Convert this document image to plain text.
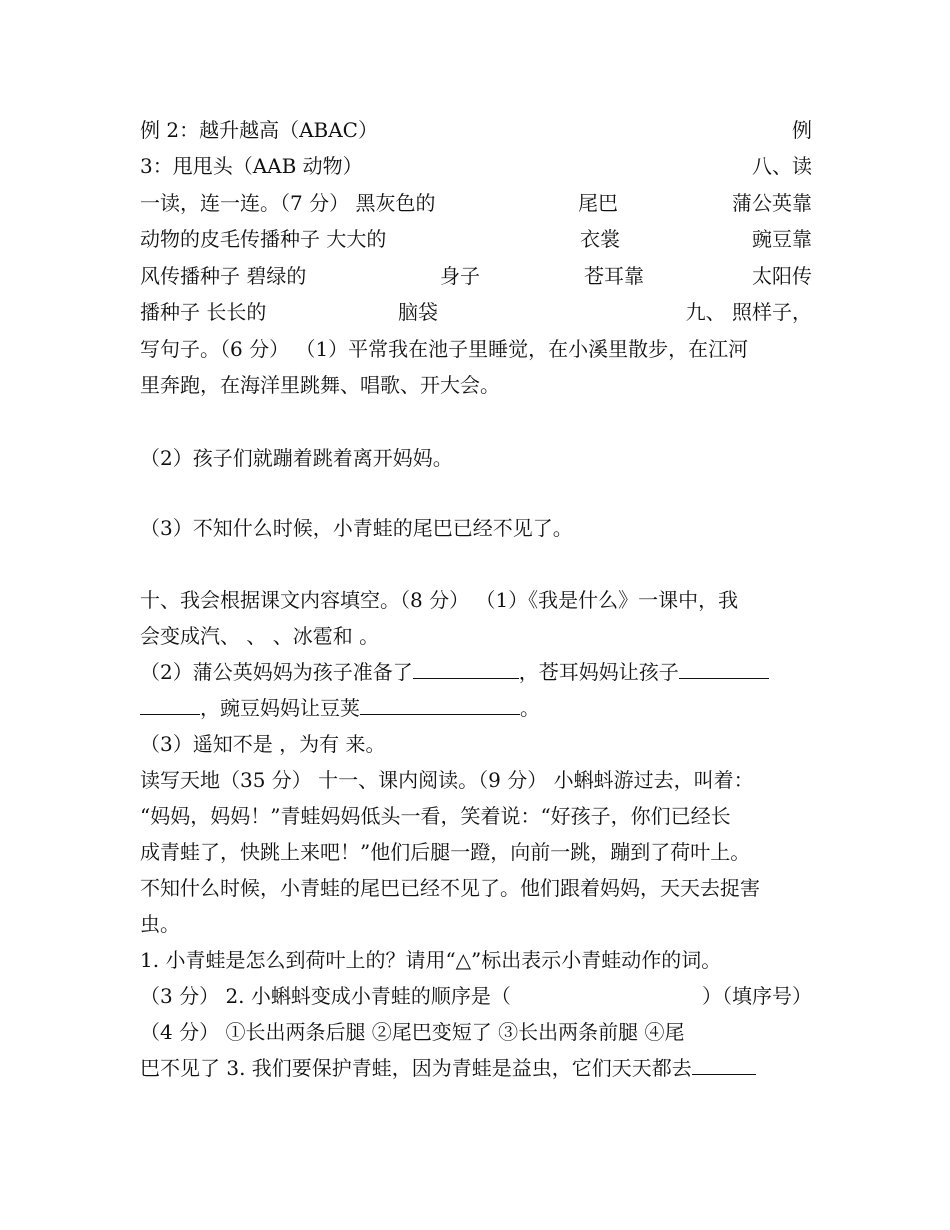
例 2：越升越高（ABAC）	例
3：甩甩头（AAB 动物）	八、读
一读，连一连。（7 分） 黑灰色的	尾巴	蒲公英靠
动物的皮毛传播种子 大大的	衣裳	豌豆靠
风传播种子 碧绿的	身子	苍耳靠	太阳传
播种子 长长的	脑袋	九、 照样子，
写句子。（6 分） （1）平常我在池子里睡觉，在小溪里散步，在江河
里奔跑，在海洋里跳舞、唱歌、开大会。
（2）孩子们就蹦着跳着离开妈妈。
（3）不知什么时候，小青蛙的尾巴已经不见了。
十、我会根据课文内容填空。（8 分） （1）《我是什么》一课中，我
会变成汽、 、 、冰雹和 。
（2）蒲公英妈妈为孩子准备了	，苍耳妈妈让孩子
，豌豆妈妈让豆荚	。
（3）遥知不是 ，为有 来。
读写天地（35 分） 十一、课内阅读。（9 分） 小蝌蚪游过去，叫着：
“妈妈，妈妈！”青蛙妈妈低头一看，笑着说：“好孩子，你们已经长
成青蛙了，快跳上来吧！”他们后腿一蹬，向前一跳，蹦到了荷叶上。
不知什么时候，小青蛙的尾巴已经不见了。他们跟着妈妈，天天去捉害
虫。
1. 小青蛙是怎么到荷叶上的？请用“△”标出表示小青蛙动作的词。
（3 分） 2. 小蝌蚪变成小青蛙的顺序是（	）（填序号）
（4 分） ①长出两条后腿 ②尾巴变短了 ③长出两条前腿 ④尾
巴不见了 3. 我们要保护青蛙，因为青蛙是益虫，它们天天都去
